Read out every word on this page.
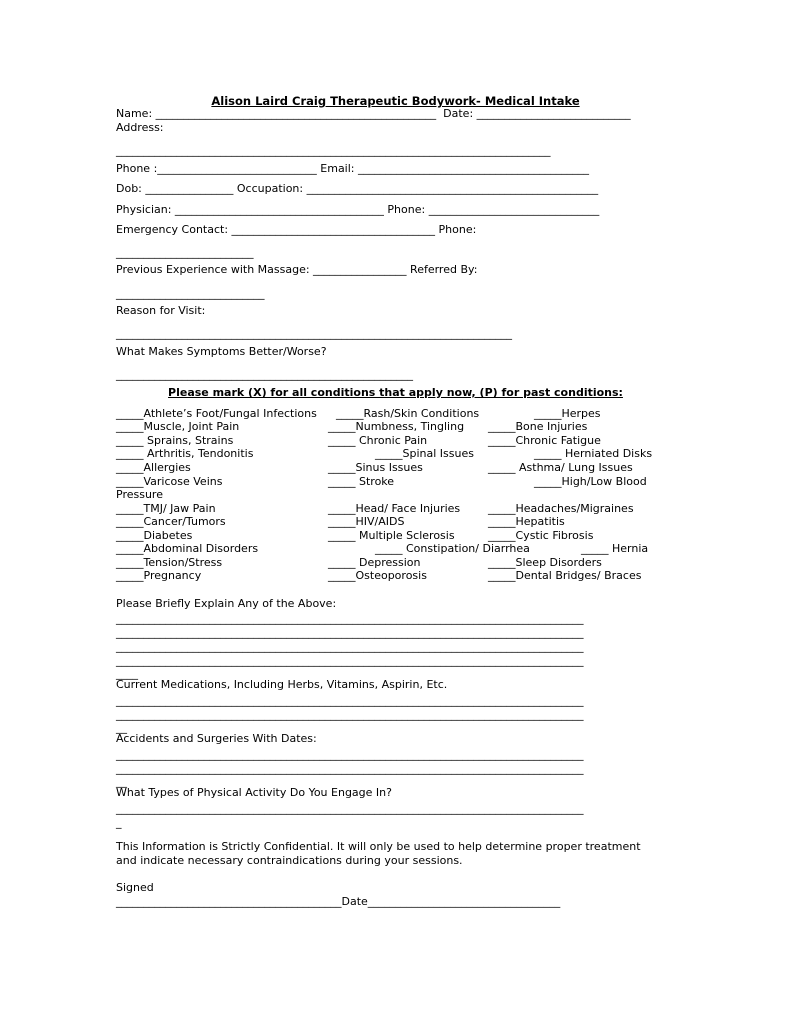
Alison Laird Craig Therapeutic Bodywork- Medical Intake
Name: ___________________________________________________  Date: ____________________________
Address:
_______________________________________________________________________________
Phone :_____________________________ Email: __________________________________________
Dob: ________________ Occupation: _____________________________________________________
Physician: ______________________________________ Phone: _______________________________
Emergency Contact: _____________________________________ Phone:
_________________________
Previous Experience with Massage: _________________ Referred By:
___________________________
Reason for Visit:
________________________________________________________________________
What Makes Symptoms Better/Worse?
______________________________________________________
Please mark (X) for all conditions that apply now, (P) for past conditions:
_____Athlete’s Foot/Fungal Infections
_____Muscle, Joint Pain
_____ Sprains, Strains
_____ Arthritis, Tendonitis
_____Allergies
_____Varicose Veins
Pressure
_____TMJ/ Jaw Pain
_____Cancer/Tumors
_____Diabetes
_____Abdominal Disorders
_____Tension/Stress
_____Pregnancy
_____Rash/Skin Conditions
_____Numbness, Tingling
_____ Chronic Pain
_____Spinal Issues
_____Sinus Issues
_____ Stroke
_____Head/ Face Injuries
_____HIV/AIDS
_____ Multiple Sclerosis
_____ Constipation/ Diarrhea
_____ Depression
_____Osteoporosis
_____Herpes
_____Bone Injuries
_____Chronic Fatigue
_____ Herniated Disks
_____ Asthma/ Lung Issues
_____High/Low Blood
_____Headaches/Migraines
_____Hepatitis
_____Cystic Fibrosis
_____ Hernia
_____Sleep Disorders
_____Dental Bridges/ Braces
Please Briefly Explain Any of the Above:
_____________________________________________________________________________________
_____________________________________________________________________________________
_____________________________________________________________________________________
_____________________________________________________________________________________
____
Current Medications, Including Herbs, Vitamins, Aspirin, Etc.
_____________________________________________________________________________________
_____________________________________________________________________________________
__
Accidents and Surgeries With Dates:
_____________________________________________________________________________________
_____________________________________________________________________________________
__
What Types of Physical Activity Do You Engage In?
_____________________________________________________________________________________
_
This Information is Strictly Confidential. It will only be used to help determine proper treatment
and indicate necessary contraindications during your sessions.
Signed
_________________________________________Date___________________________________
